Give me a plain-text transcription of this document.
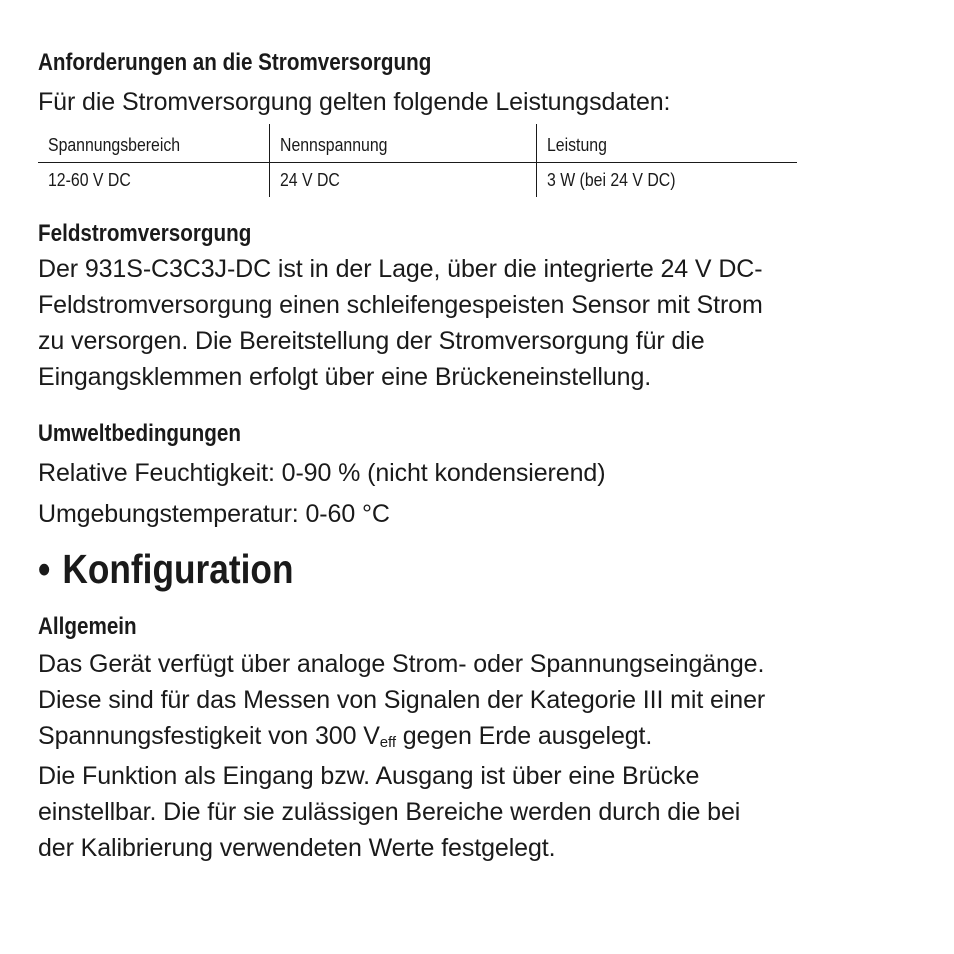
Anforderungen an die Stromversorgung
Für die Stromversorgung gelten folgende Leistungsdaten:
Spannungsbereich	Nennspannung	Leistung
12-60 V DC	24 V DC	3 W (bei 24 V DC)
Feldstromversorgung
Der 931S-C3C3J-DC ist in der Lage, über die integrierte 24 V DC-
Feldstromversorgung einen schleifengespeisten Sensor mit Strom
zu versorgen. Die Bereitstellung der Stromversorgung für die
Eingangsklemmen erfolgt über eine Brückeneinstellung.
Umweltbedingungen
Relative Feuchtigkeit: 0-90 % (nicht kondensierend)
Umgebungstemperatur: 0-60 °C
• Konfiguration
Allgemein
Das Gerät verfügt über analoge Strom- oder Spannungseingänge.
Diese sind für das Messen von Signalen der Kategorie III mit einer
Spannungsfestigkeit von 300 $V_{eff}$ gegen Erde ausgelegt.
Die Funktion als Eingang bzw. Ausgang ist über eine Brücke
einstellbar. Die für sie zulässigen Bereiche werden durch die bei
der Kalibrierung verwendeten Werte festgelegt.
